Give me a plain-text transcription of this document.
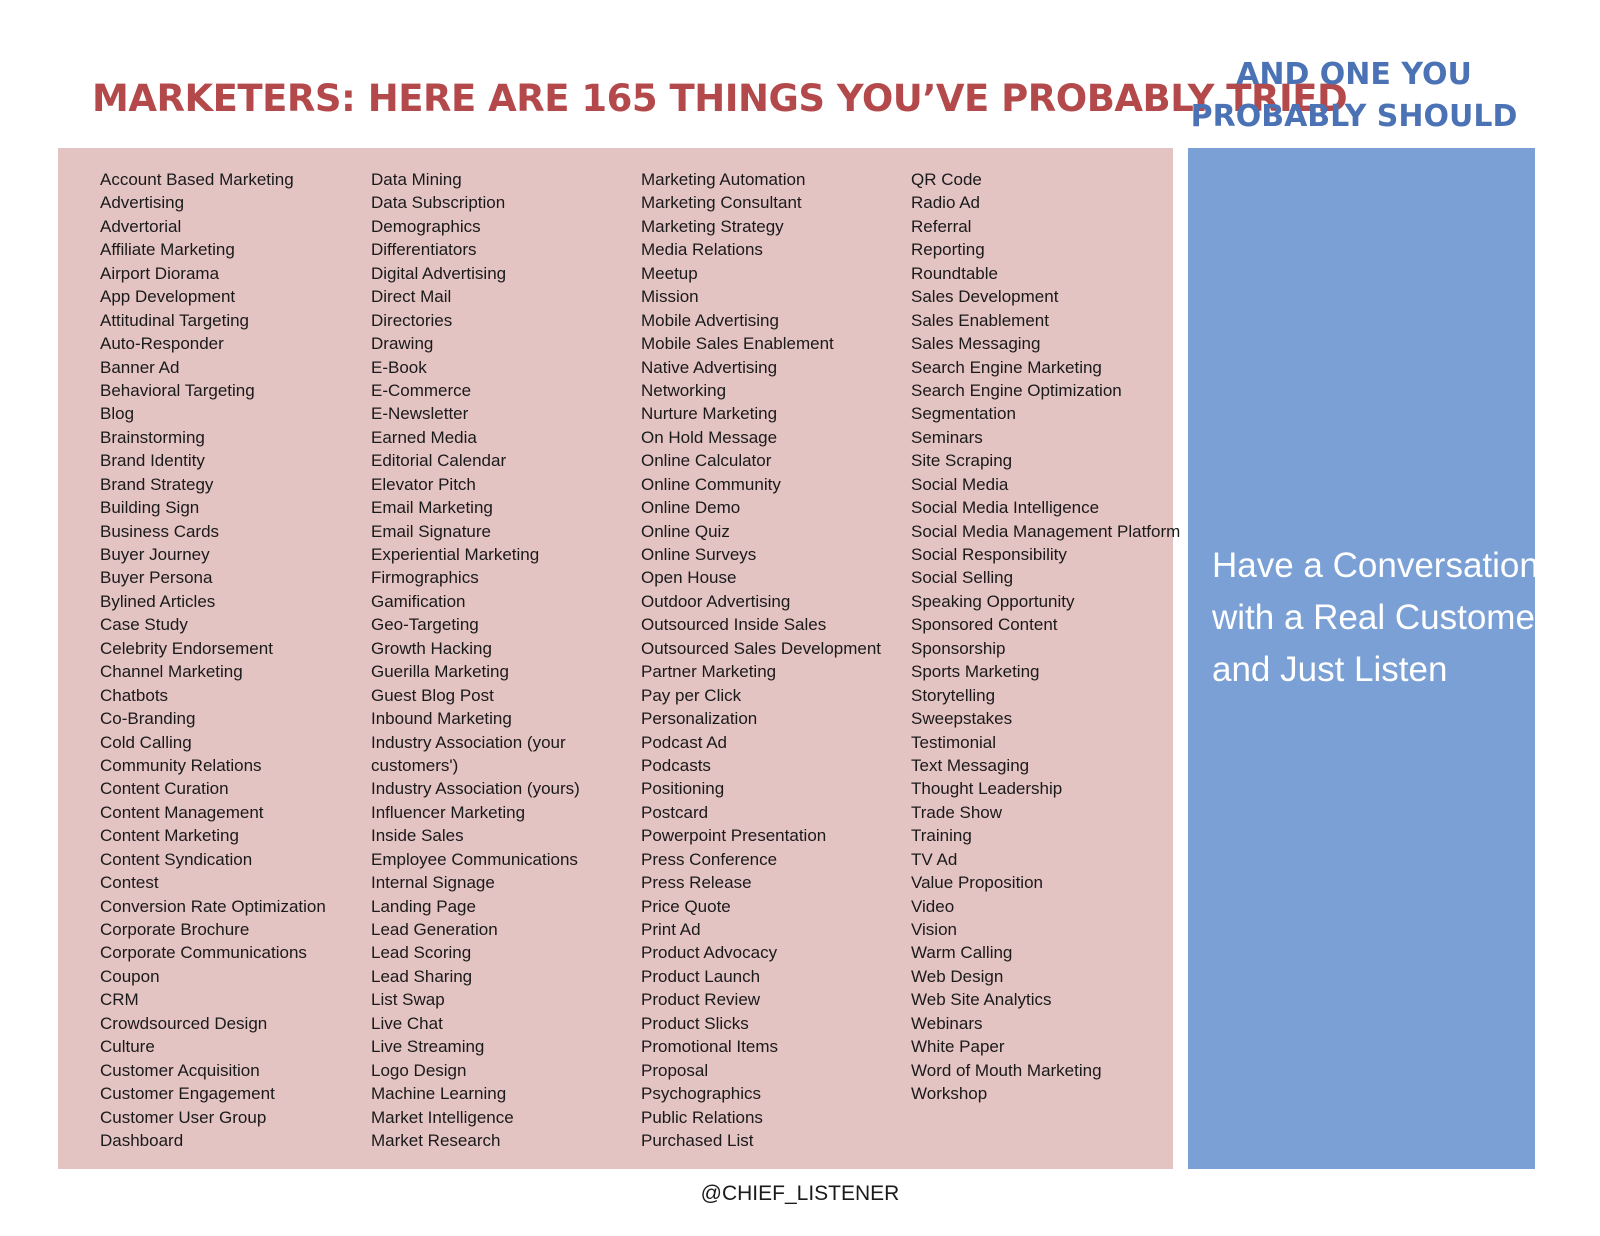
MARKETERS: HERE ARE 165 THINGS YOU’VE PROBABLY TRIED
AND ONE YOU
PROBABLY SHOULD
Account Based Marketing
Advertising
Advertorial
Affiliate Marketing
Airport Diorama
App Development
Attitudinal Targeting
Auto-Responder
Banner Ad
Behavioral Targeting
Blog
Brainstorming
Brand Identity
Brand Strategy
Building Sign
Business Cards
Buyer Journey
Buyer Persona
Bylined Articles
Case Study
Celebrity Endorsement
Channel Marketing
Chatbots
Co-Branding
Cold Calling
Community Relations
Content Curation
Content Management
Content Marketing
Content Syndication
Contest
Conversion Rate Optimization
Corporate Brochure
Corporate Communications
Coupon
CRM
Crowdsourced Design
Culture
Customer Acquisition
Customer Engagement
Customer User Group
Dashboard
Data Mining
Data Subscription
Demographics
Differentiators
Digital Advertising
Direct Mail
Directories
Drawing
E-Book
E-Commerce
E-Newsletter
Earned Media
Editorial Calendar
Elevator Pitch
Email Marketing
Email Signature
Experiential Marketing
Firmographics
Gamification
Geo-Targeting
Growth Hacking
Guerilla Marketing
Guest Blog Post
Inbound Marketing
Industry Association (your
customers')
Industry Association (yours)
Influencer Marketing
Inside Sales
Employee Communications
Internal Signage
Landing Page
Lead Generation
Lead Scoring
Lead Sharing
List Swap
Live Chat
Live Streaming
Logo Design
Machine Learning
Market Intelligence
Market Research
Marketing Automation
Marketing Consultant
Marketing Strategy
Media Relations
Meetup
Mission
Mobile Advertising
Mobile Sales Enablement
Native Advertising
Networking
Nurture Marketing
On Hold Message
Online Calculator
Online Community
Online Demo
Online Quiz
Online Surveys
Open House
Outdoor Advertising
Outsourced Inside Sales
Outsourced Sales Development
Partner Marketing
Pay per Click
Personalization
Podcast Ad
Podcasts
Positioning
Postcard
Powerpoint Presentation
Press Conference
Press Release
Price Quote
Print Ad
Product Advocacy
Product Launch
Product Review
Product Slicks
Promotional Items
Proposal
Psychographics
Public Relations
Purchased List
QR Code
Radio Ad
Referral
Reporting
Roundtable
Sales Development
Sales Enablement
Sales Messaging
Search Engine Marketing
Search Engine Optimization
Segmentation
Seminars
Site Scraping
Social Media
Social Media Intelligence
Social Media Management Platform
Social Responsibility
Social Selling
Speaking Opportunity
Sponsored Content
Sponsorship
Sports Marketing
Storytelling
Sweepstakes
Testimonial
Text Messaging
Thought Leadership
Trade Show
Training
TV Ad
Value Proposition
Video
Vision
Warm Calling
Web Design
Web Site Analytics
Webinars
White Paper
Word of Mouth Marketing
Workshop
Have a Conversation
with a Real Customer
and Just Listen
@CHIEF_LISTENER
